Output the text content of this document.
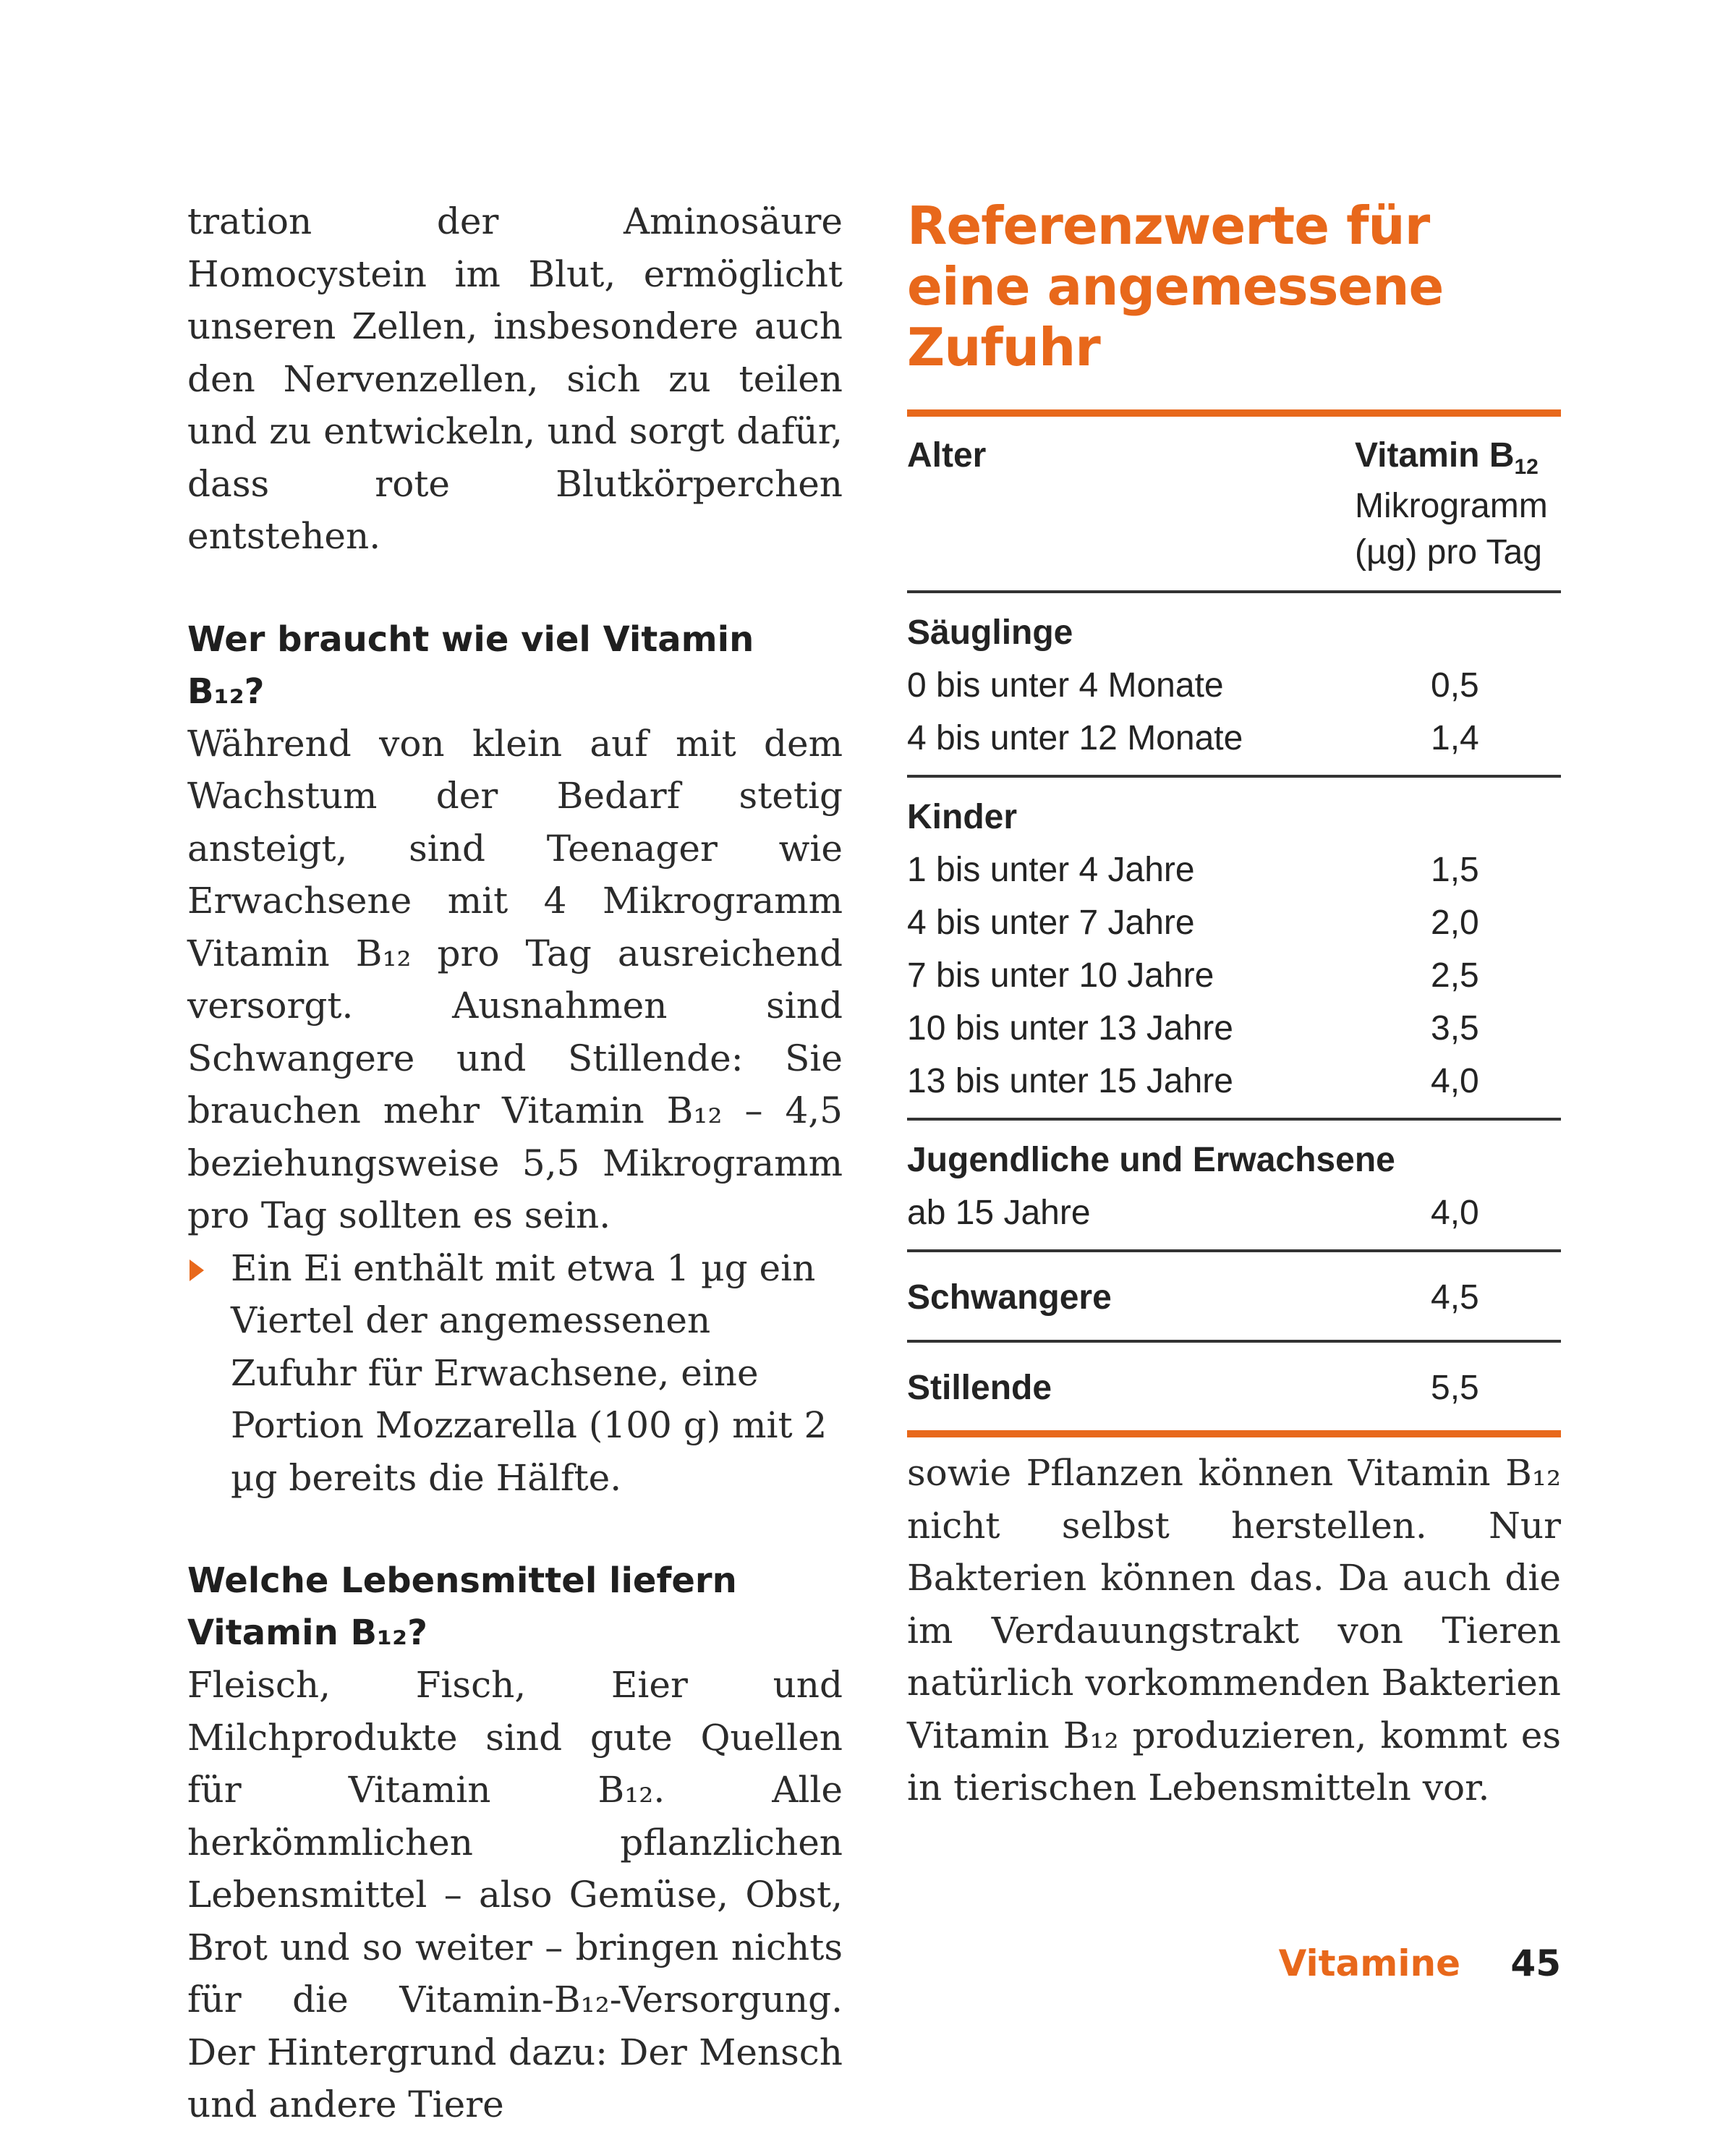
tration der Aminosäure Homocystein im Blut, ermöglicht unseren Zellen, insbesondere auch den Nervenzellen, sich zu teilen und zu entwickeln, und sorgt dafür, dass rote Blutkörperchen entstehen.

Wer braucht wie viel Vitamin B₁₂?

Während von klein auf mit dem Wachstum der Bedarf stetig ansteigt, sind Teenager wie Erwachsene mit 4 Mikrogramm Vitamin B₁₂ pro Tag ausreichend versorgt. Ausnahmen sind Schwangere und Stillende: Sie brauchen mehr Vitamin B₁₂ – 4,5 beziehungsweise 5,5 Mikrogramm pro Tag sollten es sein.

Ein Ei enthält mit etwa 1 µg ein Viertel der angemessenen Zufuhr für Erwachsene, eine Portion Mozzarella (100 g) mit 2 µg bereits die Hälfte.

Welche Lebensmittel liefern Vitamin B₁₂?

Fleisch, Fisch, Eier und Milchprodukte sind gute Quellen für Vitamin B₁₂. Alle herkömmlichen pflanzlichen Lebensmittel – also Gemüse, Obst, Brot und so weiter – bringen nichts für die Vitamin-B₁₂-Versorgung. Der Hintergrund dazu: Der Mensch und andere Tiere

Referenzwerte für eine angemessene Zufuhr
Alter	Vitamin $B_{12}$
Mikrogramm
(µg) pro Tag
Säuglinge
0 bis unter 4 Monate	0,5
4 bis unter 12 Monate	1,4
Kinder
1 bis unter 4 Jahre	1,5
4 bis unter 7 Jahre	2,0
7 bis unter 10 Jahre	2,5
10 bis unter 13 Jahre	3,5
13 bis unter 15 Jahre	4,0
Jugendliche und Erwachsene
ab 15 Jahre	4,0
Schwangere	4,5
Stillende	5,5

sowie Pflanzen können Vitamin B₁₂ nicht selbst herstellen. Nur Bakterien können das. Da auch die im Verdauungstrakt von Tieren natürlich vorkommenden Bakterien Vitamin B₁₂ produzieren, kommt es in tierischen Lebensmitteln vor.

Vitamine 45
